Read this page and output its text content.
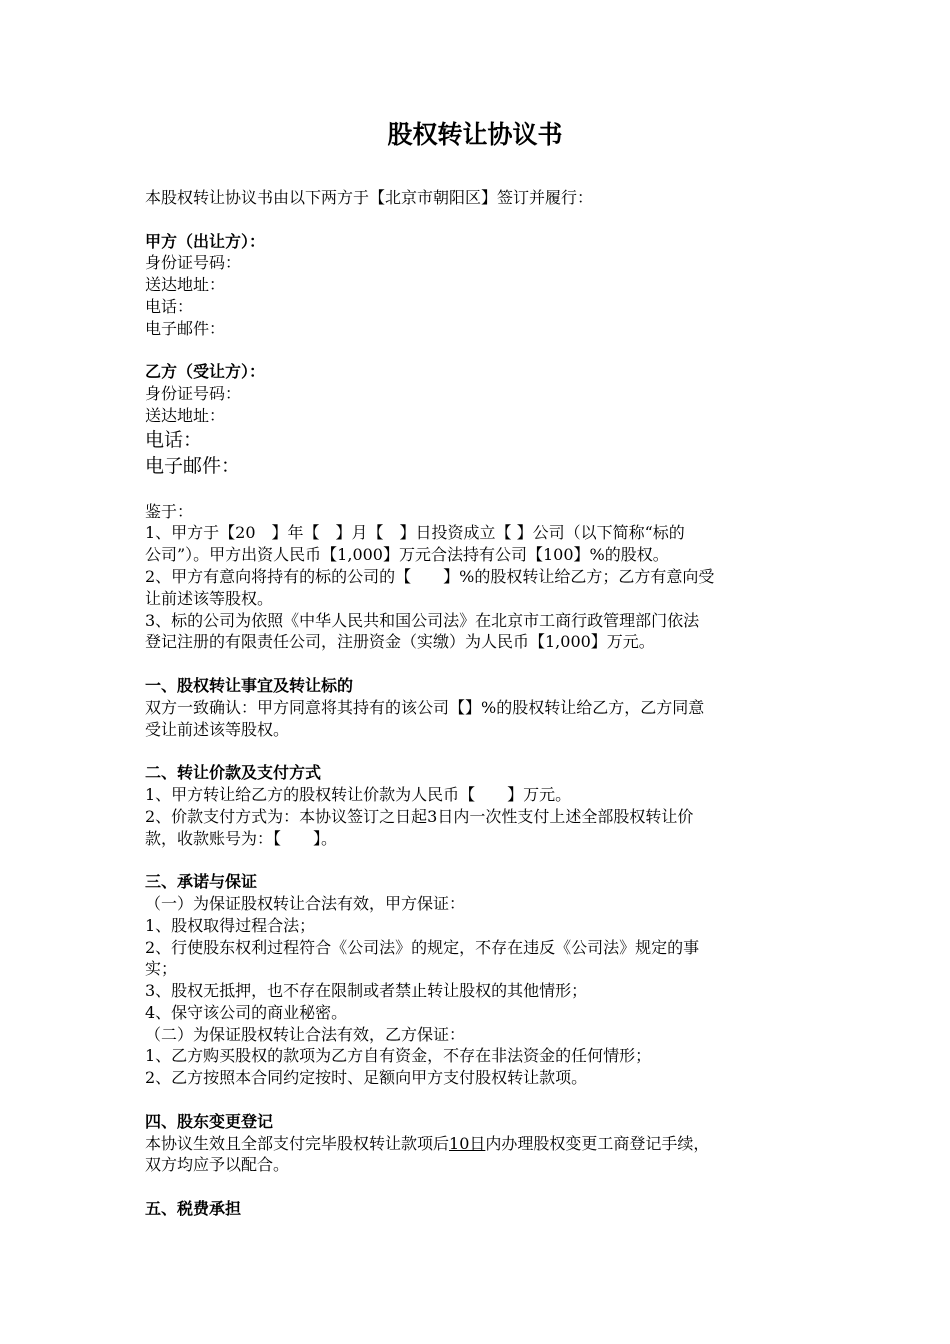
股权转让协议书
本股权转让协议书由以下两方于【北京市朝阳区】签订并履行：
甲方（出让方）：
身份证号码：
送达地址：
电话：
电子邮件：
乙方（受让方）：
身份证号码：
送达地址：
电话：
电子邮件：
鉴于：
1、甲方于【20　】年【　】月【　】日投资成立【 】公司（以下简称“标的
公司”）。甲方出资人民币【1,000】万元合法持有公司【100】%的股权。
2、甲方有意向将持有的标的公司的【　　】%的股权转让给乙方；乙方有意向受
让前述该等股权。
3、标的公司为依照《中华人民共和国公司法》在北京市工商行政管理部门依法
登记注册的有限责任公司，注册资金（实缴）为人民币【1,000】万元。
一、股权转让事宜及转让标的
双方一致确认：甲方同意将其持有的该公司【】%的股权转让给乙方，乙方同意
受让前述该等股权。
二、转让价款及支付方式
1、甲方转让给乙方的股权转让价款为人民币【　　】万元。
2、价款支付方式为：本协议签订之日起3日内一次性支付上述全部股权转让价
款，收款账号为：【　　】。
三、承诺与保证
（一）为保证股权转让合法有效，甲方保证：
1、股权取得过程合法；
2、行使股东权利过程符合《公司法》的规定，不存在违反《公司法》规定的事
实；
3、股权无抵押，也不存在限制或者禁止转让股权的其他情形；
4、保守该公司的商业秘密。
（二）为保证股权转让合法有效，乙方保证：
1、乙方购买股权的款项为乙方自有资金，不存在非法资金的任何情形；
2、乙方按照本合同约定按时、足额向甲方支付股权转让款项。
四、股东变更登记
本协议生效且全部支付完毕股权转让款项后10日内办理股权变更工商登记手续，
双方均应予以配合。
五、税费承担
